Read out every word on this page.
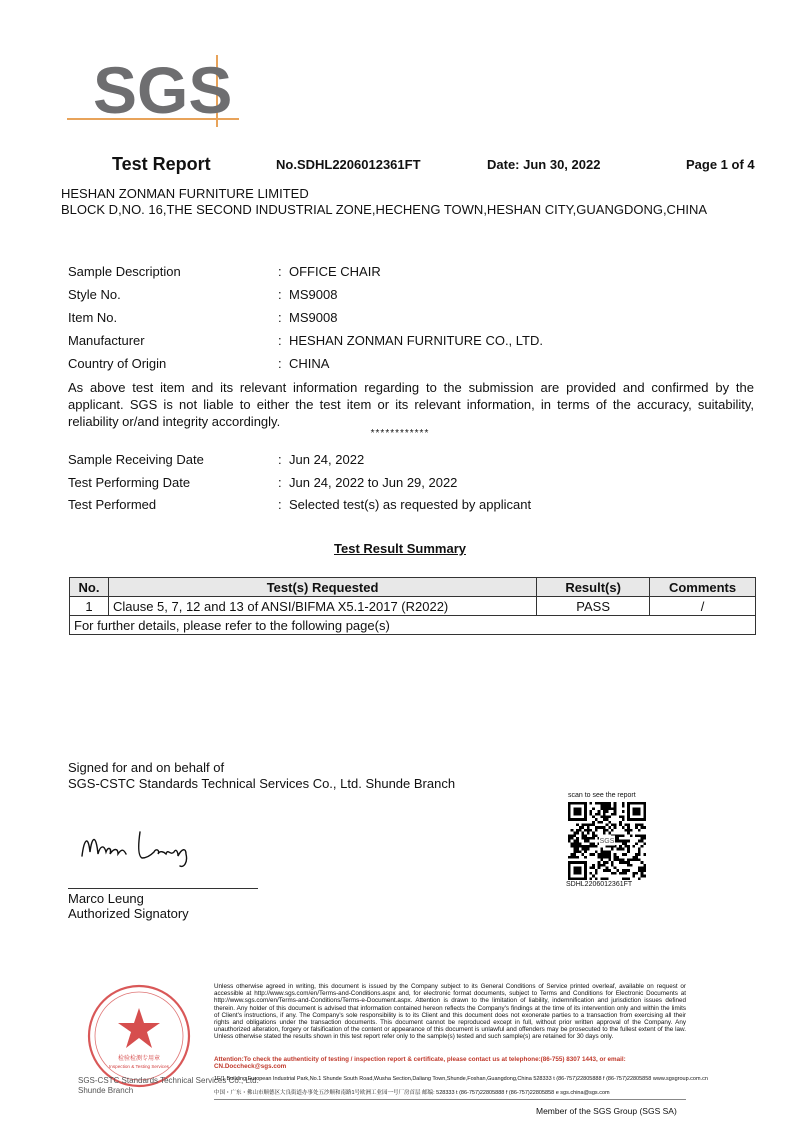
SGS
Test Report	No.SDHL2206012361FT	Date: Jun 30, 2022	Page 1 of 4
HESHAN ZONMAN FURNITURE LIMITED
BLOCK D,NO. 16,THE SECOND INDUSTRIAL ZONE,HECHENG TOWN,HESHAN CITY,GUANGDONG,CHINA
Sample Description	: OFFICE CHAIR
Style No.	: MS9008
Item No.	: MS9008
Manufacturer	: HESHAN ZONMAN FURNITURE CO., LTD.
Country of Origin	: CHINA
As above test item and its relevant information regarding to the submission are provided and confirmed by the applicant. SGS is not liable to either the test item or its relevant information, in terms of the accuracy, suitability, reliability or/and integrity accordingly.
************
Sample Receiving Date	: Jun 24, 2022
Test Performing Date	: Jun 24, 2022 to Jun 29, 2022
Test Performed	: Selected test(s) as requested by applicant
Test Result Summary
No.	Test(s) Requested	Result(s)	Comments
1	Clause 5, 7, 12 and 13 of ANSI/BIFMA X5.1-2017 (R2022)	PASS	/
For further details, please refer to the following page(s)			
Signed for and on behalf of
SGS-CSTC Standards Technical Services Co., Ltd. Shunde Branch
Marco Leung
Authorized Signatory
scan to see the report
SGS
SDHL2206012361FT
检验检测专用章
Inspection & Testing Services
SGS-CSTC Standards Technical Services Co., Ltd.
Shunde Branch
Unless otherwise agreed in writing, this document is issued by the Company subject to its General Conditions of Service printed overleaf, available on request or accessible at http://www.sgs.com/en/Terms-and-Conditions.aspx and, for electronic format documents, subject to Terms and Conditions for Electronic Documents at http://www.sgs.com/en/Terms-and-Conditions/Terms-e-Document.aspx. Attention is drawn to the limitation of liability, indemnification and jurisdiction issues defined therein. Any holder of this document is advised that information contained hereon reflects the Company's findings at the time of its intervention only and within the limits of Client's instructions, if any. The Company's sole responsibility is to its Client and this document does not exonerate parties to a transaction from exercising all their rights and obligations under the transaction documents. This document cannot be reproduced except in full, without prior written approval of the Company. Any unauthorized alteration, forgery or falsification of the content or appearance of this document is unlawful and offenders may be prosecuted to the fullest extent of the law. Unless otherwise stated the results shown in this test report refer only to the sample(s) tested and such sample(s) are retained for 30 days only.
Attention:To check the authenticity of testing / inspection report & certificate, please contact us at telephone:(86-755) 8307 1443, or email: CN.Doccheck@sgs.com
1F/1 Building,European Industrial Park,No.1 Shunde South Road,Wusha Section,Daliang Town,Shunde,Foshan,Guangdong,China 528333 t (86-757)22805888 f (86-757)22805858 www.sgsgroup.com.cn
中国・广东・佛山市顺德区大良街道办事处五沙顺和南路1号欧洲工业园一号厂房首层 邮编: 528333 t (86-757)22805888 f (86-757)22805858 e sgs.china@sgs.com
Member of the SGS Group (SGS SA)
